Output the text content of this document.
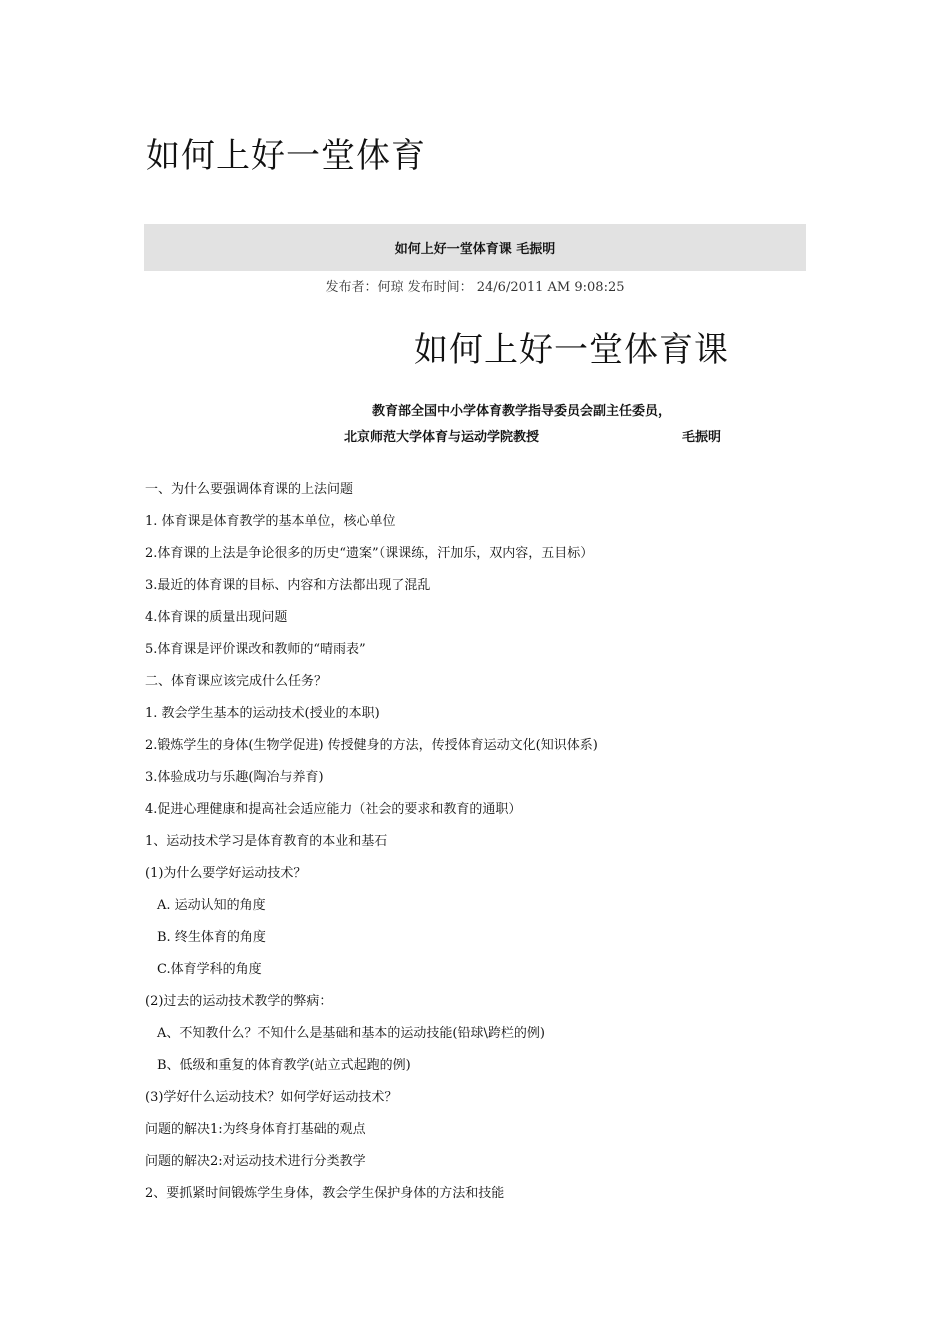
如何上好一堂体育
如何上好一堂体育课 毛振明
发布者：何琼 发布时间： 24/6/2011 AM 9:08:25
如何上好一堂体育课
教育部全国中小学体育教学指导委员会副主任委员，
北京师范大学体育与运动学院教授	毛振明
一、为什么要强调体育课的上法问题
1. 体育课是体育教学的基本单位，核心单位
2.体育课的上法是争论很多的历史“遗案”（课课练，汗加乐，双内容，五目标）
3.最近的体育课的目标、内容和方法都出现了混乱
4.体育课的质量出现问题
5.体育课是评价课改和教师的“晴雨表”
二、体育课应该完成什么任务？
1. 教会学生基本的运动技术(授业的本职)
2.锻炼学生的身体(生物学促进) 传授健身的方法，传授体育运动文化(知识体系)
3.体验成功与乐趣(陶冶与养育)
4.促进心理健康和提高社会适应能力（社会的要求和教育的通职）
1、运动技术学习是体育教育的本业和基石
(1)为什么要学好运动技术？
A. 运动认知的角度
B. 终生体育的角度
C.体育学科的角度
(2)过去的运动技术教学的弊病：
A、不知教什么？不知什么是基础和基本的运动技能(铅球\跨栏的例)
B、低级和重复的体育教学(站立式起跑的例)
(3)学好什么运动技术？如何学好运动技术？
问题的解决1:为终身体育打基础的观点
问题的解决2:对运动技术进行分类教学
2、要抓紧时间锻炼学生身体，教会学生保护身体的方法和技能
